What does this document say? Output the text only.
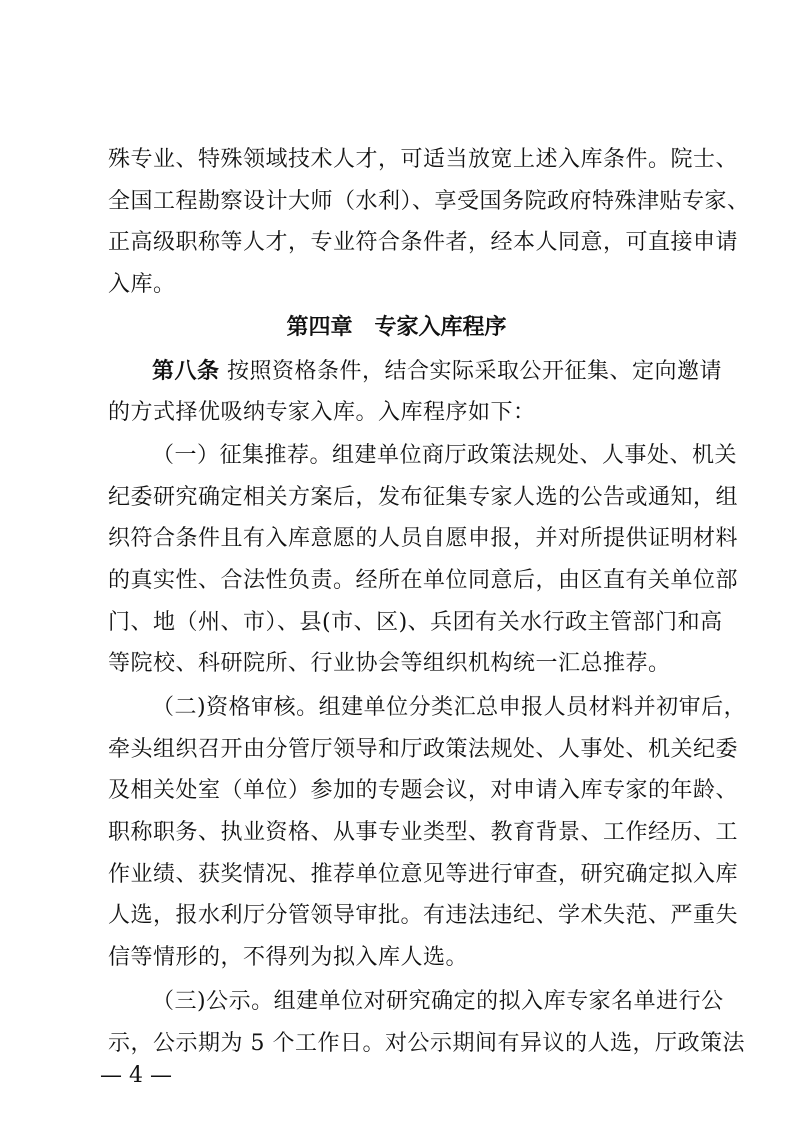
殊专业、特殊领域技术人才，可适当放宽上述入库条件。院士、
全国工程勘察设计大师（水利）、享受国务院政府特殊津贴专家、
正高级职称等人才，专业符合条件者，经本人同意，可直接申请
入库。
第四章　专家入库程序
第八条 按照资格条件，结合实际采取公开征集、定向邀请
的方式择优吸纳专家入库。入库程序如下：
（一）征集推荐。组建单位商厅政策法规处、人事处、机关
纪委研究确定相关方案后，发布征集专家人选的公告或通知，组
织符合条件且有入库意愿的人员自愿申报，并对所提供证明材料
的真实性、合法性负责。经所在单位同意后，由区直有关单位部
门、地（州、市）、县(市、区)、兵团有关水行政主管部门和高
等院校、科研院所、行业协会等组织机构统一汇总推荐。
（二)资格审核。组建单位分类汇总申报人员材料并初审后，
牵头组织召开由分管厅领导和厅政策法规处、人事处、机关纪委
及相关处室（单位）参加的专题会议，对申请入库专家的年龄、
职称职务、执业资格、从事专业类型、教育背景、工作经历、工
作业绩、获奖情况、推荐单位意见等进行审查，研究确定拟入库
人选，报水利厅分管领导审批。有违法违纪、学术失范、严重失
信等情形的，不得列为拟入库人选。
（三)公示。组建单位对研究确定的拟入库专家名单进行公
示，公示期为 5 个工作日。对公示期间有异议的人选，厅政策法
— 4 —
